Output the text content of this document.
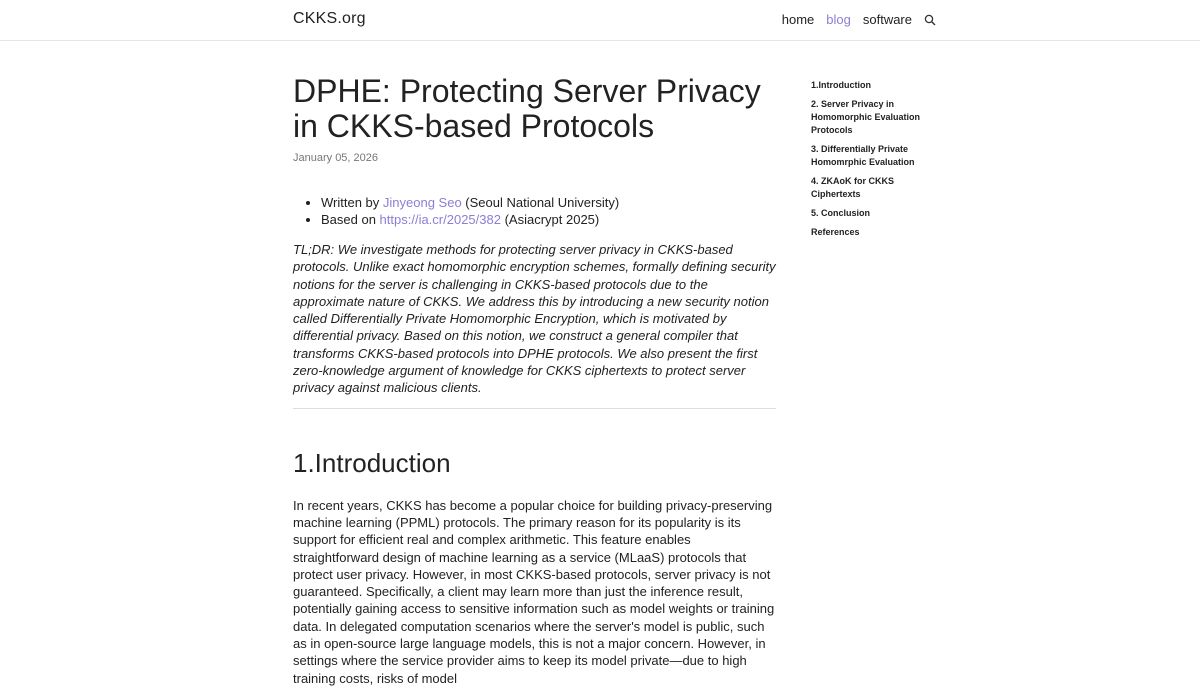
CKKS.org	home blog software
DPHE: Protecting Server Privacy in CKKS-based Protocols
January 05, 2026
• Written by Jinyeong Seo (Seoul National University)
• Based on https://ia.cr/2025/382 (Asiacrypt 2025)
TL;DR: We investigate methods for protecting server privacy in CKKS-based protocols. Unlike exact homomorphic encryption schemes, formally defining security notions for the server is challenging in CKKS-based protocols due to the approximate nature of CKKS. We address this by introducing a new security notion called Differentially Private Homomorphic Encryption, which is motivated by differential privacy. Based on this notion, we construct a general compiler that transforms CKKS-based protocols into DPHE protocols. We also present the first zero-knowledge argument of knowledge for CKKS ciphertexts to protect server privacy against malicious clients.
1.Introduction
In recent years, CKKS has become a popular choice for building privacy-preserving machine learning (PPML) protocols. The primary reason for its popularity is its support for efficient real and complex arithmetic. This feature enables straightforward design of machine learning as a service (MLaaS) protocols that protect user privacy. However, in most CKKS-based protocols, server privacy is not guaranteed. Specifically, a client may learn more than just the inference result, potentially gaining access to sensitive information such as model weights or training data. In delegated computation scenarios where the server's model is public, such as in open-source large language models, this is not a major concern. However, in settings where the service provider aims to keep its model private—due to high training costs, risks of model
1.Introduction
2. Server Privacy in Homomorphic Evaluation Protocols
3. Differentially Private Homomrphic Evaluation
4. ZKAoK for CKKS Ciphertexts
5. Conclusion
References
